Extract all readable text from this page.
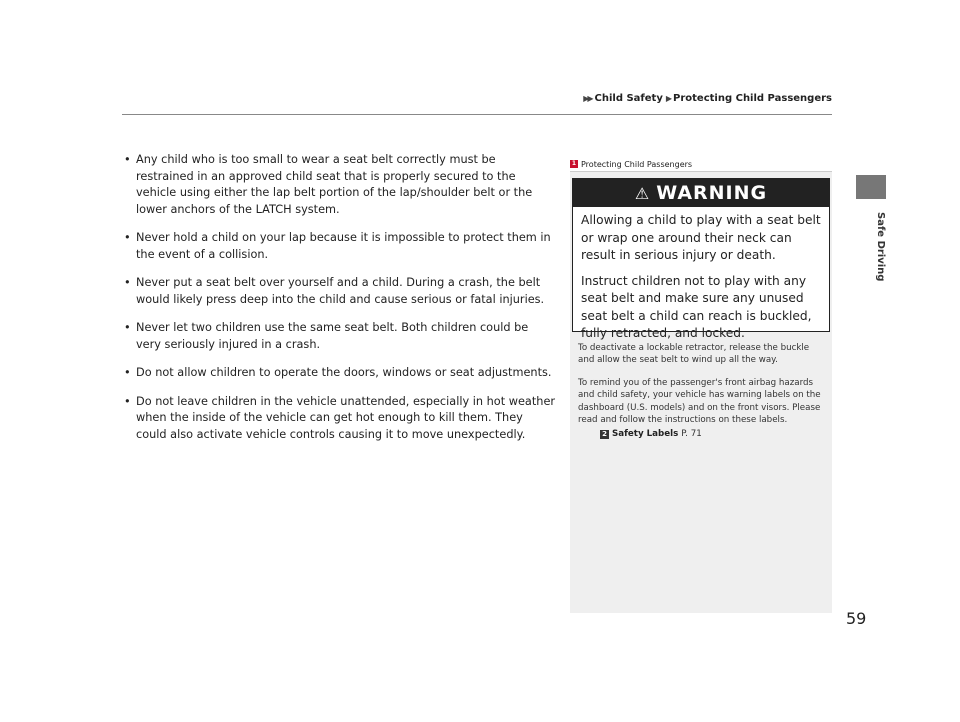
▶▶ Child Safety ▶ Protecting Child Passengers
Safe Driving
• Any child who is too small to wear a seat belt correctly must be restrained in an approved child seat that is properly secured to the vehicle using either the lap belt portion of the lap/shoulder belt or the lower anchors of the LATCH system.
• Never hold a child on your lap because it is impossible to protect them in the event of a collision.
• Never put a seat belt over yourself and a child. During a crash, the belt would likely press deep into the child and cause serious or fatal injuries.
• Never let two children use the same seat belt. Both children could be very seriously injured in a crash.
• Do not allow children to operate the doors, windows or seat adjustments.
• Do not leave children in the vehicle unattended, especially in hot weather when the inside of the vehicle can get hot enough to kill them. They could also activate vehicle controls causing it to move unexpectedly.
1 Protecting Child Passengers
⚠ WARNING

Allowing a child to play with a seat belt or wrap one around their neck can result in serious injury or death.

Instruct children not to play with any seat belt and make sure any unused seat belt a child can reach is buckled, fully retracted, and locked.

To deactivate a lockable retractor, release the buckle and allow the seat belt to wind up all the way.

To remind you of the passenger's front airbag hazards and child safety, your vehicle has warning labels on the dashboard (U.S. models) and on the front visors. Please read and follow the instructions on these labels.

2 Safety Labels P. 71
59
